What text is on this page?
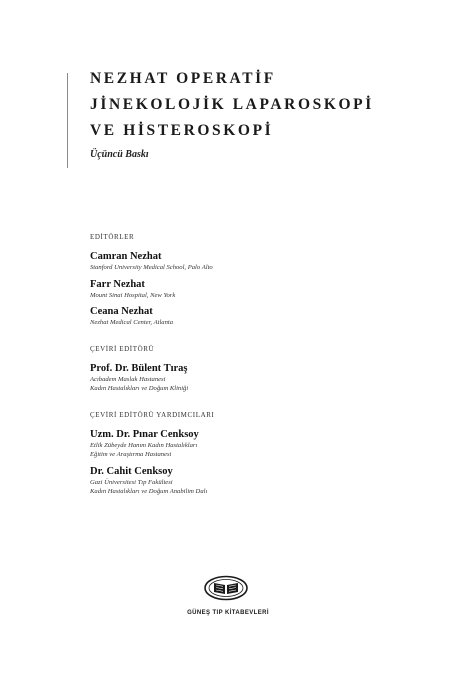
NEZHAT OPERATİF
JİNEKOLOJİK LAPAROSKOPİ
VE HİSTEROSKOPİ
Üçüncü Baskı
EDİTÖRLER
Camran Nezhat
Stanford University Medical School, Palo Alto
Farr Nezhat
Mount Sinai Hospital, New York
Ceana Nezhat
Nezhat Medical Center, Atlanta
ÇEVİRİ EDİTÖRÜ
Prof. Dr. Bülent Tıraş
Acıbadem Maslak Hastanesi
Kadın Hastalıkları ve Doğum Kliniği
ÇEVİRİ EDİTÖRÜ YARDIMCILARI
Uzm. Dr. Pınar Cenksoy
Etlik Zübeyde Hanım Kadın Hastalıkları
Eğitim ve Araştırma Hastanesi
Dr. Cahit Cenksoy
Gazi Üniversitesi Tıp Fakültesi
Kadın Hastalıkları ve Doğum Anabilim Dalı
GÜNEŞ TIP KİTABEVLERİ
